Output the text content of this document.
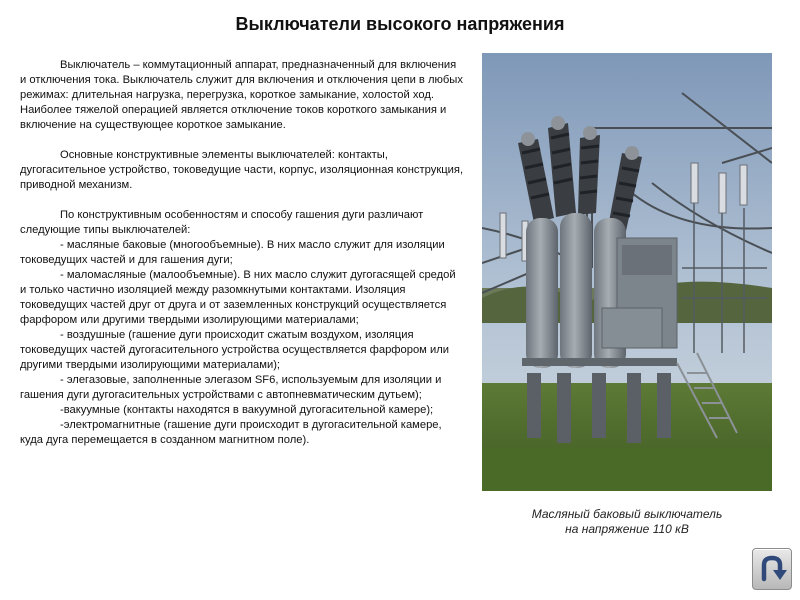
Выключатели высокого напряжения

Выключатель – коммутационный аппарат, предназначенный для включения и отключения тока. Выключатель служит для включения и отключения цепи в любых режимах: длительная нагрузка, перегрузка, короткое замыкание, холостой ход. Наиболее тяжелой операцией является отключение токов короткого замыкания и включение на существующее короткое замыкание.

Основные конструктивные элементы выключателей: контакты, дугогасительное устройство, токоведущие части, корпус, изоляционная конструкция, приводной механизм.

По конструктивным особенностям и способу гашения дуги различают следующие типы выключателей:
- масляные баковые (многообъемные). В них масло служит для изоляции токоведущих частей и для гашения дуги;
- маломасляные (малообъемные). В них масло служит дугогасящей средой и только частично изоляцией между разомкнутыми контактами. Изоляция токоведущих частей друг от друга и от заземленных конструкций осуществляется фарфором или другими твердыми изолирующими материалами;
- воздушные (гашение дуги происходит сжатым воздухом, изоляция токоведущих частей дугогасительного устройства осуществляется фарфором или другими твердыми изолирующими материалами);
- элегазовые, заполненные элегазом SF6, используемым для изоляции и гашения дуги дугогасительных устройствами с автопневматическим дутьем);
-вакуумные (контакты находятся в вакуумной дугогасительной камере);
-электромагнитные (гашение дуги происходит в дугогасительной камере, куда дуга перемещается в созданном магнитном поле).
Масляный баковый выключатель
на напряжение 110 кВ
